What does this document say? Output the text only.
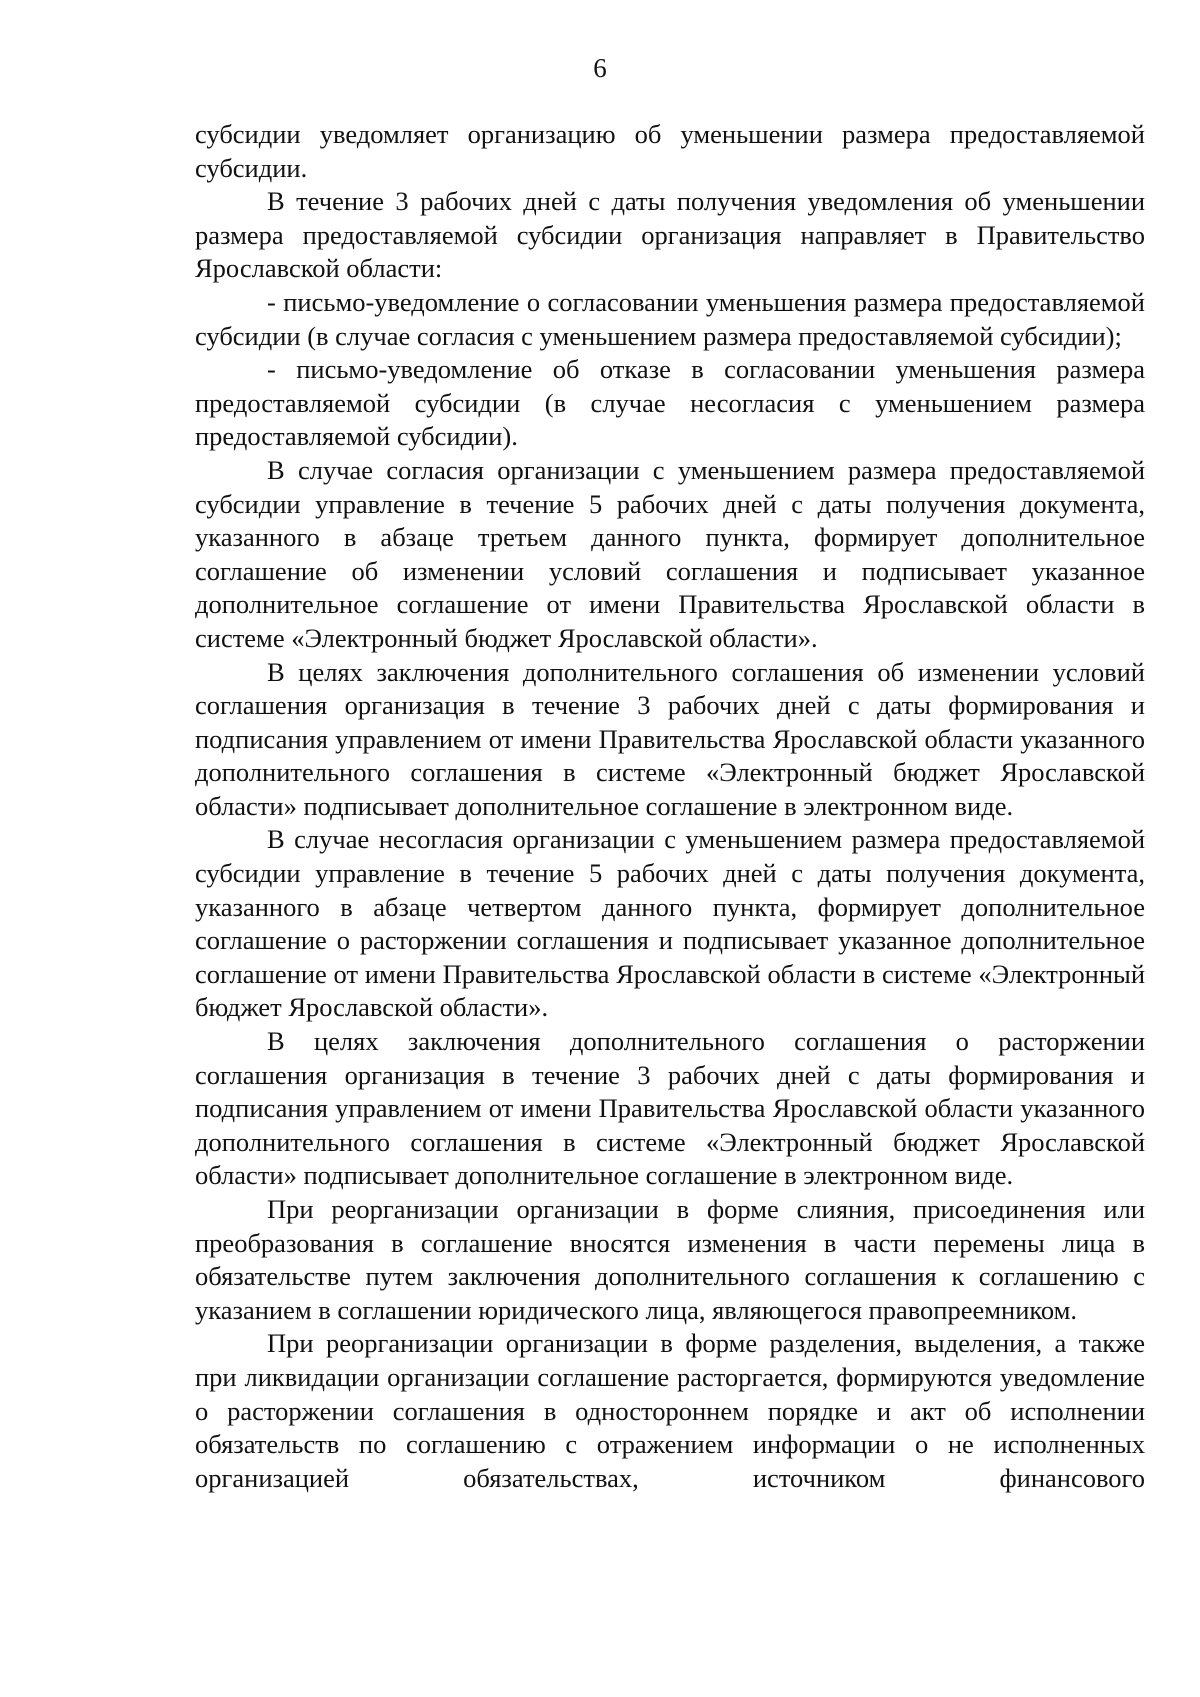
6

субсидии уведомляет организацию об уменьшении размера предоставляемой субсидии.

В течение 3 рабочих дней с даты получения уведомления об уменьшении размера предоставляемой субсидии организация направляет в Правительство Ярославской области:

- письмо-уведомление о согласовании уменьшения размера предоставляемой субсидии (в случае согласия с уменьшением размера предоставляемой субсидии);

- письмо-уведомление об отказе в согласовании уменьшения размера предоставляемой субсидии (в случае несогласия с уменьшением размера предоставляемой субсидии).

В случае согласия организации с уменьшением размера предоставляемой субсидии управление в течение 5 рабочих дней с даты получения документа, указанного в абзаце третьем данного пункта, формирует дополнительное соглашение об изменении условий соглашения и подписывает указанное дополнительное соглашение от имени Правительства Ярославской области в системе «Электронный бюджет Ярославской области».

В целях заключения дополнительного соглашения об изменении условий соглашения организация в течение 3 рабочих дней с даты формирования и подписания управлением от имени Правительства Ярославской области указанного дополнительного соглашения в системе «Электронный бюджет Ярославской области» подписывает дополнительное соглашение в электронном виде.

В случае несогласия организации с уменьшением размера предоставляемой субсидии управление в течение 5 рабочих дней с даты получения документа, указанного в абзаце четвертом данного пункта, формирует дополнительное соглашение о расторжении соглашения и подписывает указанное дополнительное соглашение от имени Правительства Ярославской области в системе «Электронный бюджет Ярославской области».

В целях заключения дополнительного соглашения о расторжении соглашения организация в течение 3 рабочих дней с даты формирования и подписания управлением от имени Правительства Ярославской области указанного дополнительного соглашения в системе «Электронный бюджет Ярославской области» подписывает дополнительное соглашение в электронном виде.

При реорганизации организации в форме слияния, присоединения или преобразования в соглашение вносятся изменения в части перемены лица в обязательстве путем заключения дополнительного соглашения к соглашению с указанием в соглашении юридического лица, являющегося правопреемником.

При реорганизации организации в форме разделения, выделения, а также при ликвидации организации соглашение расторгается, формируются уведомление о расторжении соглашения в одностороннем порядке и акт об исполнении обязательств по соглашению с отражением информации о не исполненных организацией обязательствах, источником финансового
